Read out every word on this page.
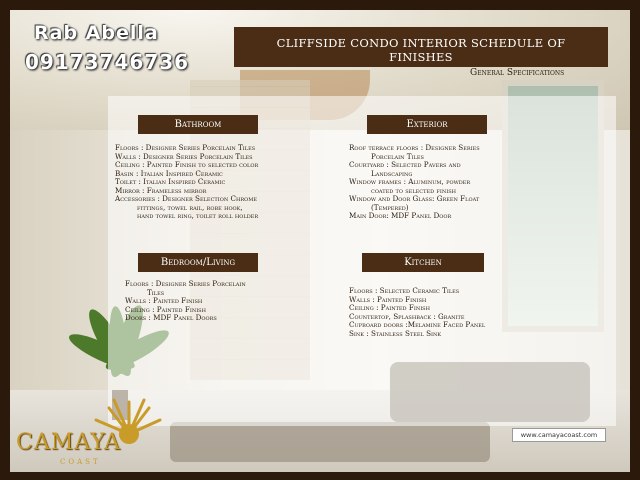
Rab Abella
09173746736
CLIFFSIDE CONDO INTERIOR SCHEDULE OF
FINISHES
General Specifications
Bathroom
Floors : Designer Series Porcelain Tiles
Walls : Designer Series Porcelain Tiles
Ceiling : Painted Finish to selected color
Basin : Italian Inspired Ceramic
Toilet : Italian Inspired Ceramic
Mirror : Frameless mirror
Accessories : Designer Selection Chrome
fittings, towel rail, robe hook,
hand towel ring, toilet roll holder
Exterior
Roof terrace floors : Designer Series
Porcelain Tiles
Courtyard : Selected Pavers and
Landscaping
Window frames : Aluminum, powder
coated to selected finish
Window and Door Glass: Green Float
(Tempered)
Main Door: MDF Panel Door
Bedroom/Living
Floors : Designer Series Porcelain
Tiles
Walls : Painted Finish
Ceiling : Painted Finish
Doors : MDF Panel Doors
Kitchen
Floors : Selected Ceramic Tiles
Walls : Painted Finish
Ceiling : Painted Finish
Countertop, Splashback : Granite
Cupboard doors :Melamine Faced Panel
Sink : Stainless Steel Sink
www.camayacoast.com
CAMAYA
COAST
